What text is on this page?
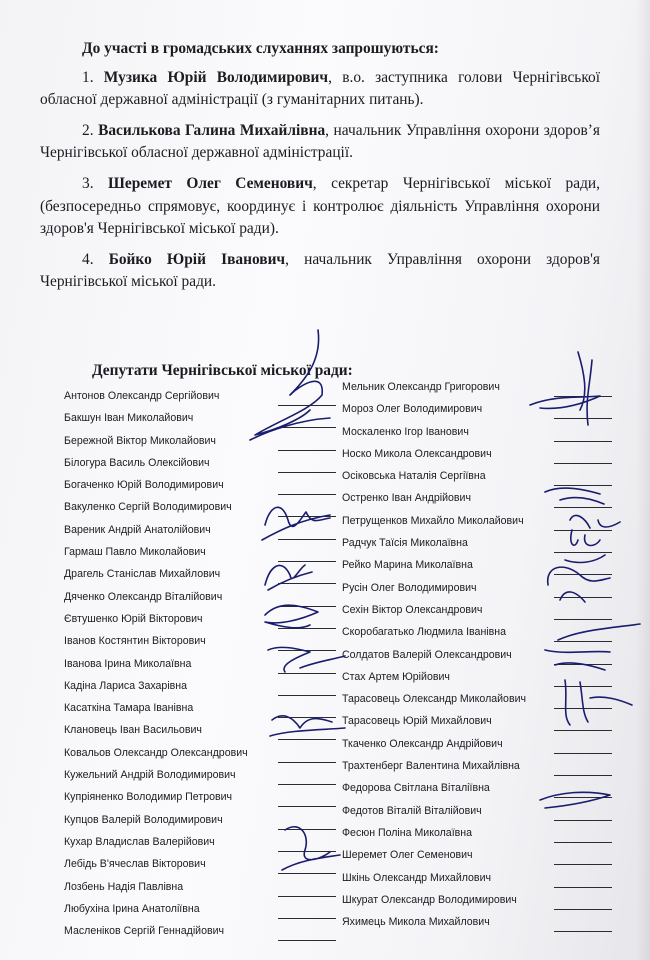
До участі в громадських слуханнях запрошуються:

1. Музика Юрій Володимирович, в.о. заступника голови Чернігівської обласної державної адміністрації (з гуманітарних питань).

2. Василькова Галина Михайлівна, начальник Управління охорони здоров’я Чернігівської обласної державної адміністрації.

3. Шеремет Олег Семенович, секретар Чернігівської міської ради, (безпосередньо спрямовує, координує і контролює діяльність Управління охорони здоров'я Чернігівської міської ради).

4. Бойко Юрій Іванович, начальник Управління охорони здоров'я Чернігівської міської ради.

Депутати Чернігівської міської ради:
Антонов Олександр Сергійович
Бакшун Іван Миколайович
Бережной Віктор Миколайович
Білогура Василь Олексійович
Богаченко Юрій Володимирович
Вакуленко Сергій Володимирович
Вареник Андрій Анатолійович
Гармаш Павло Миколайович
Драгель Станіслав Михайлович
Дяченко Олександр Віталійович
Євтушенко Юрій Вікторович
Іванов Костянтин Вікторович
Іванова Ірина Миколаївна
Кадіна Лариса Захарівна
Касаткіна Тамара Іванівна
Клановець Іван Васильович
Ковальов Олександр Олександрович
Кужельний Андрій Володимирович
Купріяненко Володимир Петрович
Купцов Валерій Володимирович
Кухар Владислав Валерійович
Лебідь В'ячеслав Вікторович
Лозбень Надія Павлівна
Любухіна Ірина Анатоліївна
Масленіков Сергій Геннадійович
Мельник Олександр Григорович
Мороз Олег Володимирович
Москаленко Ігор Іванович
Носко Микола Олександрович
Осіковська Наталія Сергіївна
Остренко Іван Андрійович
Петрущенков Михайло Миколайович
Радчук Таїсія Миколаївна
Рейко Марина Миколаївна
Русін Олег Володимирович
Сехін Віктор Олександрович
Скоробагатько Людмила Іванівна
Солдатов Валерій Олександрович
Стах Артем Юрійович
Тарасовець Олександр Миколайович
Тарасовець Юрій Михайлович
Ткаченко Олександр Андрійович
Трахтенберг Валентина Михайлівна
Федорова Світлана Віталіївна
Федотов Віталій Віталійович
Фесюн Поліна Миколаївна
Шеремет Олег Семенович
Шкінь Олександр Михайлович
Шкурат Олександр Володимирович
Яхимець Микола Михайлович
